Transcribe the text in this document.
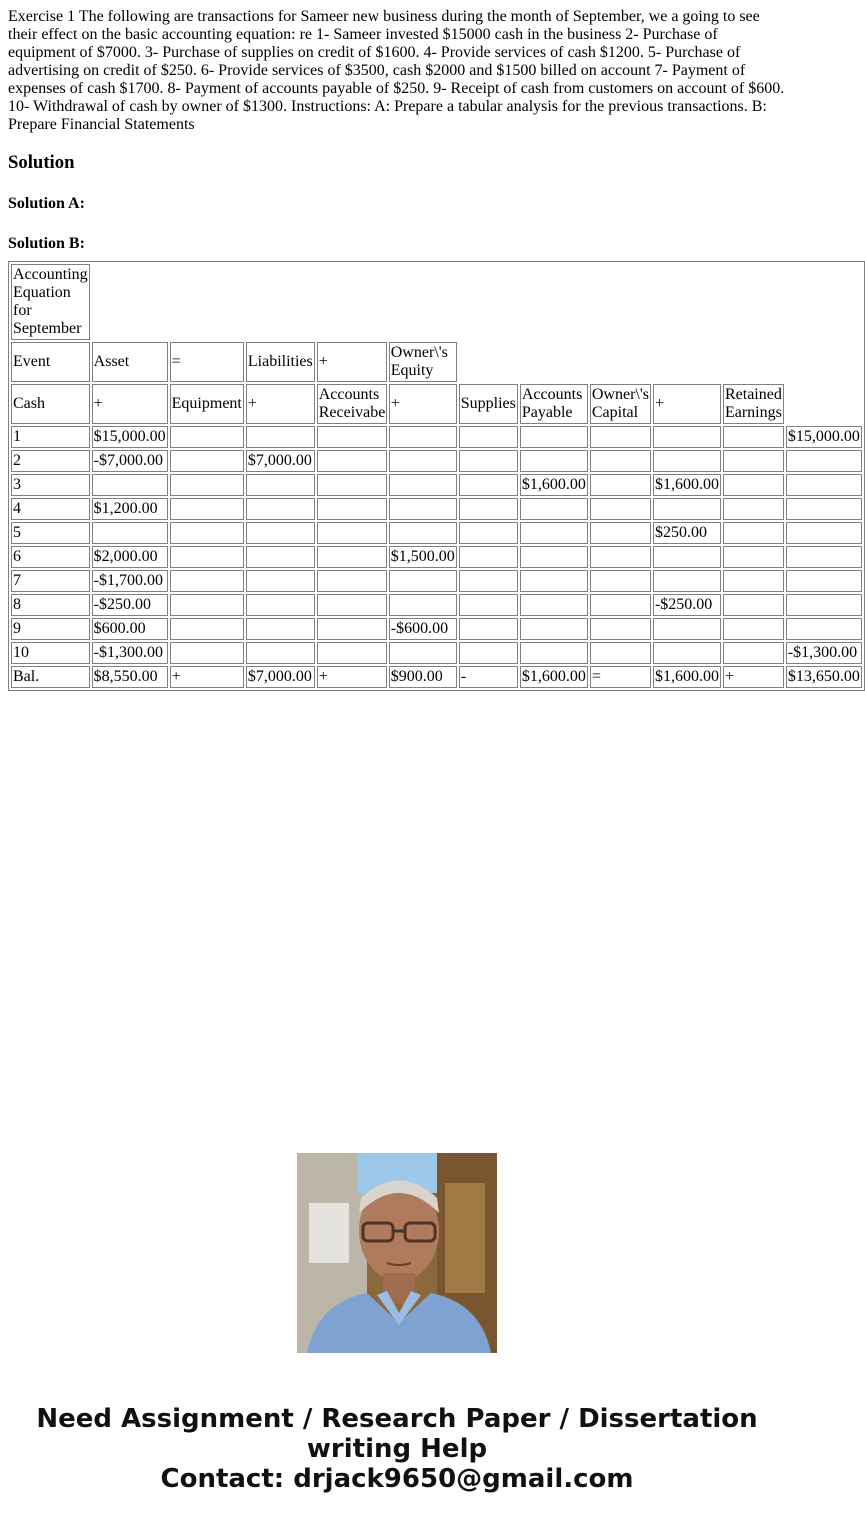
Exercise 1 The following are transactions for Sameer new business during the month of September, we a going to see their effect on the basic accounting equation: re 1- Sameer invested $15000 cash in the business 2- Purchase of equipment of $7000. 3- Purchase of supplies on credit of $1600. 4- Provide services of cash $1200. 5- Purchase of advertising on credit of $250. 6- Provide services of $3500, cash $2000 and $1500 billed on account 7- Payment of expenses of cash $1700. 8- Payment of accounts payable of $250. 9- Receipt of cash from customers on account of $600. 10- Withdrawal of cash by owner of $1300. Instructions: A: Prepare a tabular analysis for the previous transactions. B: Prepare Financial Statements

Solution
Solution A:
Solution B:
Accounting Equation for September											
Event	Asset	=	Liabilities	+	Owner\'s Equity						
Cash	+	Equipment	+	Accounts Receivabe	+	Supplies	Accounts Payable	Owner\'s Capital	+	Retained Earnings	
1	$15,000.00										$15,000.00
2	-$7,000.00		$7,000.00								
3							$1,600.00		$1,600.00		
4	$1,200.00										
5									$250.00		
6	$2,000.00				$1,500.00						
7	-$1,700.00										
8	-$250.00								-$250.00		
9	$600.00				-$600.00						
10	-$1,300.00										-$1,300.00
Bal.	$8,550.00	+	$7,000.00	+	$900.00	-	$1,600.00	=	$1,600.00	+	$13,650.00
Need Assignment / Research Paper / Dissertation
writing Help
Contact: drjack9650@gmail.com
